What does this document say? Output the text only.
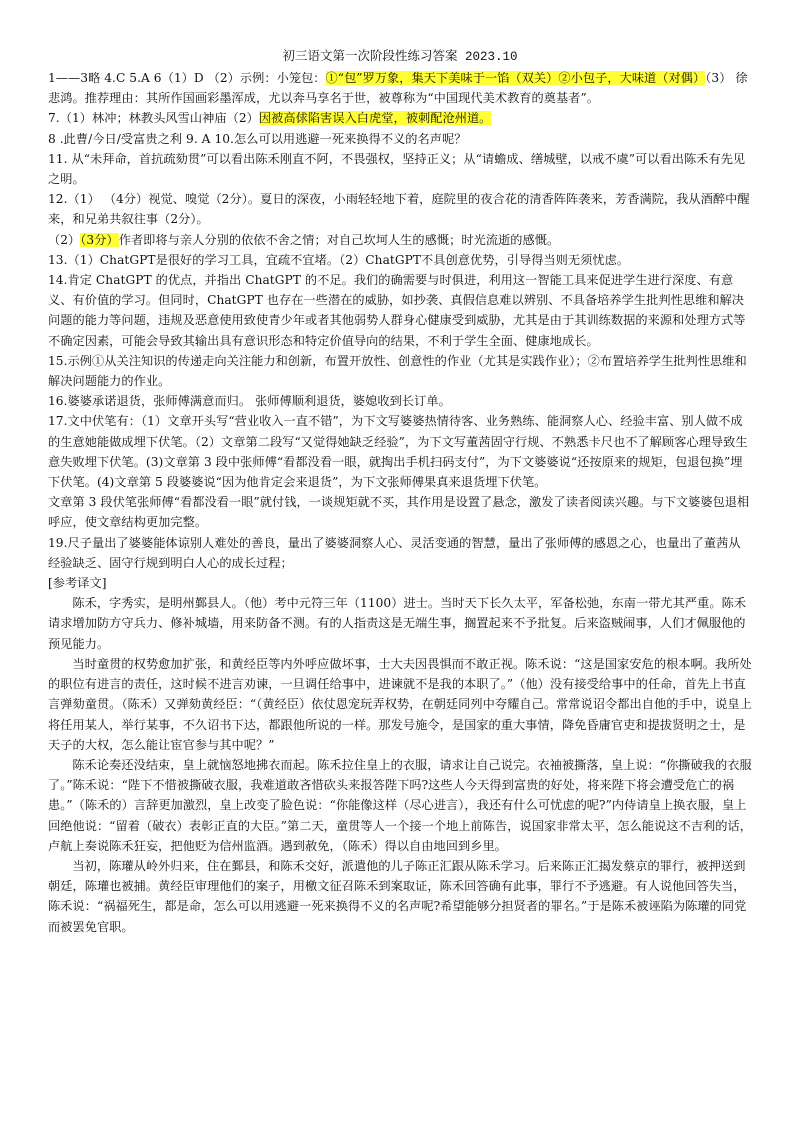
初三语文第一次阶段性练习答案 2023.10

1——3略 4.C 5.A 6（1）D （2）示例：小笼包：①“包”罗万象，集天下美味于一馅（双关）②小包子，大味道（对偶）（3） 徐悲鸿。推荐理由：其所作国画彩墨浑成，尤以奔马享名于世，被尊称为“中国现代美术教育的奠基者”。

7.（1）林冲；林教头风雪山神庙（2）因被高俅陷害误入白虎堂，被刺配沧州道。

8 .此曹/今日/受富贵之利 9. A 10.怎么可以用逃避一死来换得不义的名声呢？

11. 从“未拜命，首抗疏劾贯”可以看出陈禾刚直不阿，不畏强权，坚持正义；从“请蟾成、缮城壁，以戒不虞”可以看出陈禾有先见之明。

12.（1） （4分）视觉、嗅觉（2分）。夏日的深夜，小雨轻轻地下着，庭院里的夜合花的清香阵阵袭来，芳香满院，我从酒醉中醒来，和兄弟共叙往事（2分）。

（2）（3分）作者即将与亲人分别的依依不舍之情；对自己坎坷人生的感慨；时光流逝的感慨。

13.（1）ChatGPT是很好的学习工具，宜疏不宜堵。（2）ChatGPT不具创意优势，引导得当则无须忧虑。

14.肯定 ChatGPT 的优点，并指出 ChatGPT 的不足。我们的确需要与时俱进，利用这一智能工具来促进学生进行深度、有意义、有价值的学习。但同时，ChatGPT 也存在一些潜在的威胁，如抄袭、真假信息难以辨别、不具备培养学生批判性思维和解决问题的能力等问题，违规及恶意使用致使青少年或者其他弱势人群身心健康受到威胁，尤其是由于其训练数据的来源和处理方式等不确定因素，可能会导致其输出具有意识形态和特定价值导向的结果，不利于学生全面、健康地成长。

15.示例①从关注知识的传递走向关注能力和创新，布置开放性、创意性的作业（尤其是实践作业）；②布置培养学生批判性思维和解决问题能力的作业。

16.婆婆承诺退货，张师傅满意而归。 张师傅顺利退货，婆媳收到长订单。

17.文中伏笔有：（1）文章开头写“营业收入一直不错”，为下文写婆婆热情待客、业务熟练、能洞察人心、经验丰富、别人做不成的生意她能做成埋下伏笔。（2）文章第二段写“又觉得她缺乏经验”，为下文写董茜固守行规、不熟悉卡尺也不了解顾客心理导致生意失败埋下伏笔。(3)文章第 3 段中张师傅“看都没看一眼，就掏出手机扫码支付”，为下文婆婆说“还按原来的规矩，包退包换”埋下伏笔。(4)文章第 5 段婆婆说“因为他肯定会来退货”，为下文张师傅果真来退货埋下伏笔。

文章第 3 段伏笔张师傅“看都没看一眼”就付钱，一谈规矩就不买，其作用是设置了悬念，激发了读者阅读兴趣。与下文婆婆包退相呼应，使文章结构更加完整。

19.尺子量出了婆婆能体谅别人难处的善良，量出了婆婆洞察人心、灵活变通的智慧，量出了张师傅的感恩之心，也量出了董茜从经验缺乏、固守行规到明白人心的成长过程；

[参考译文]

陈禾，字秀实，是明州鄞县人。（他）考中元符三年（1100）进士。当时天下长久太平，军备松弛，东南一带尤其严重。陈禾请求增加防方守兵力、修补城墙，用来防备不测。有的人指责这是无端生事，搁置起来不予批复。后来盗贼闹事，人们才佩服他的预见能力。

当时童贯的权势愈加扩张，和黄经臣等内外呼应做坏事，士大夫因畏惧而不敢正视。陈禾说：“这是国家安危的根本啊。我所处的职位有进言的责任，这时候不进言劝谏，一旦调任给事中，进谏就不是我的本职了。”（他）没有接受给事中的任命，首先上书直言弹劾童贯。（陈禾）又弹劾黄经臣：“（黄经臣）依仗恩宠玩弄权势，在朝廷同列中夸耀自己。常常说诏令都出自他的手中，说皇上将任用某人，举行某事，不久诏书下达，都跟他所说的一样。那发号施令，是国家的重大事情，降免昏庸官吏和提拔贤明之士，是天子的大权，怎么能让宦官参与其中呢？”

陈禾论奏还没结束，皇上就恼怒地拂衣而起。陈禾拉住皇上的衣服，请求让自己说完。衣袖被撕落，皇上说：“你撕破我的衣服了。”陈禾说：“陛下不惜被撕破衣服，我难道敢吝惜砍头来报答陛下吗?这些人今天得到富贵的好处，将来陛下将会遭受危亡的祸患。”（陈禾的）言辞更加激烈，皇上改变了脸色说：“你能像这样（尽心进言），我还有什么可忧虑的呢?”内侍请皇上换衣服，皇上回绝他说：“留着（破衣）表彰正直的大臣。”第二天，童贯等人一个接一个地上前陈告，说国家非常太平，怎么能说这不吉利的话，卢航上奏说陈禾狂妄，把他贬为信州监酒。遇到赦免，（陈禾）得以自由地回到乡里。

当初，陈瓘从岭外归来，住在鄞县，和陈禾交好，派遣他的儿子陈正汇跟从陈禾学习。后来陈正汇揭发蔡京的罪行，被押送到朝廷，陈瓘也被捕。黄经臣审理他们的案子，用檄文征召陈禾到案取证，陈禾回答确有此事，罪行不予逃避。有人说他回答失当，陈禾说：“祸福死生，都是命，怎么可以用逃避一死来换得不义的名声呢?希望能够分担贤者的罪名。”于是陈禾被诬陷为陈瓘的同党而被罢免官职。
